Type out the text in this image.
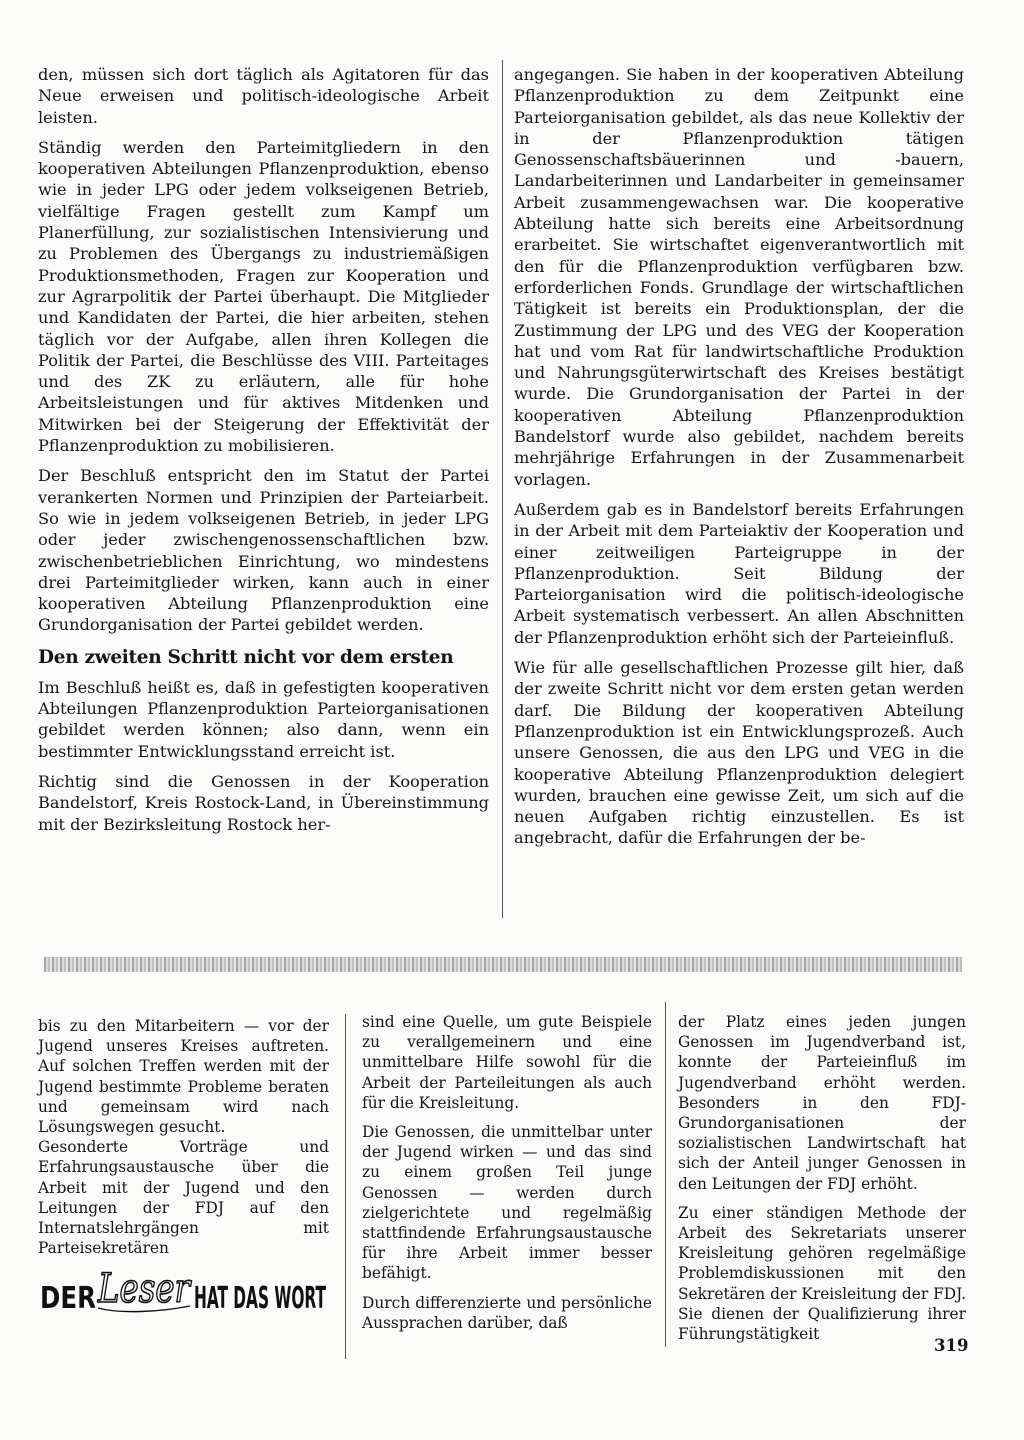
den, müssen sich dort täglich als Agitatoren für das Neue erweisen und politisch-ideologische Arbeit leisten.

Ständig werden den Parteimitgliedern in den kooperativen Abteilungen Pflanzenproduktion, ebenso wie in jeder LPG oder jedem volkseigenen Betrieb, vielfältige Fragen gestellt zum Kampf um Planerfüllung, zur sozialistischen Intensivierung und zu Problemen des Übergangs zu industriemäßigen Produktionsmethoden, Fragen zur Kooperation und zur Agrarpolitik der Partei überhaupt. Die Mitglieder und Kandidaten der Partei, die hier arbeiten, stehen täglich vor der Aufgabe, allen ihren Kollegen die Politik der Partei, die Beschlüsse des VIII. Parteitages und des ZK zu erläutern, alle für hohe Arbeitsleistungen und für aktives Mitdenken und Mitwirken bei der Steigerung der Effektivität der Pflanzenproduktion zu mobilisieren.

Der Beschluß entspricht den im Statut der Partei verankerten Normen und Prinzipien der Parteiarbeit. So wie in jedem volkseigenen Betrieb, in jeder LPG oder jeder zwischengenossenschaftlichen bzw. zwischenbetrieblichen Einrichtung, wo mindestens drei Parteimitglieder wirken, kann auch in einer kooperativen Abteilung Pflanzenproduktion eine Grundorganisation der Partei gebildet werden.

Den zweiten Schritt nicht vor dem ersten

Im Beschluß heißt es, daß in gefestigten kooperativen Abteilungen Pflanzenproduktion Parteiorganisationen gebildet werden können; also dann, wenn ein bestimmter Entwicklungsstand erreicht ist.

Richtig sind die Genossen in der Kooperation Bandelstorf, Kreis Rostock-Land, in Übereinstimmung mit der Bezirksleitung Rostock her-

angegangen. Sie haben in der kooperativen Abteilung Pflanzenproduktion zu dem Zeitpunkt eine Parteiorganisation gebildet, als das neue Kollektiv der in der Pflanzenproduktion tätigen Genossenschaftsbäuerinnen und -bauern, Landarbeiterinnen und Landarbeiter in gemeinsamer Arbeit zusammengewachsen war. Die kooperative Abteilung hatte sich bereits eine Arbeitsordnung erarbeitet. Sie wirtschaftet eigenverantwortlich mit den für die Pflanzenproduktion verfügbaren bzw. erforderlichen Fonds. Grundlage der wirtschaftlichen Tätigkeit ist bereits ein Produktionsplan, der die Zustimmung der LPG und des VEG der Kooperation hat und vom Rat für landwirtschaftliche Produktion und Nahrungsgüterwirtschaft des Kreises bestätigt wurde. Die Grundorganisation der Partei in der kooperativen Abteilung Pflanzenproduktion Bandelstorf wurde also gebildet, nachdem bereits mehrjährige Erfahrungen in der Zusammenarbeit vorlagen.

Außerdem gab es in Bandelstorf bereits Erfahrungen in der Arbeit mit dem Parteiaktiv der Kooperation und einer zeitweiligen Parteigruppe in der Pflanzenproduktion. Seit Bildung der Parteiorganisation wird die politisch-ideologische Arbeit systematisch verbessert. An allen Abschnitten der Pflanzenproduktion erhöht sich der Parteieinfluß.

Wie für alle gesellschaftlichen Prozesse gilt hier, daß der zweite Schritt nicht vor dem ersten getan werden darf. Die Bildung der kooperativen Abteilung Pflanzenproduktion ist ein Entwicklungsprozeß. Auch unsere Genossen, die aus den LPG und VEG in die kooperative Abteilung Pflanzenproduktion delegiert wurden, brauchen eine gewisse Zeit, um sich auf die neuen Aufgaben richtig einzustellen. Es ist angebracht, dafür die Erfahrungen der be-

bis zu den Mitarbeitern — vor der Jugend unseres Kreises auftreten. Auf solchen Treffen werden mit der Jugend bestimmte Probleme beraten und gemeinsam wird nach Lösungswegen gesucht.

Gesonderte Vorträge und Erfahrungsaustausche über die Arbeit mit der Jugend und den Leitungen der FDJ auf den Internatslehrgängen mit Parteisekretären

sind eine Quelle, um gute Beispiele zu verallgemeinern und eine unmittelbare Hilfe sowohl für die Arbeit der Parteileitungen als auch für die Kreisleitung.

Die Genossen, die unmittelbar unter der Jugend wirken — und das sind zu einem großen Teil junge Genossen — werden durch zielgerichtete und regelmäßig stattfindende Erfahrungsaustausche für ihre Arbeit immer besser befähigt.

Durch differenzierte und persönliche Aussprachen darüber, daß

der Platz eines jeden jungen Genossen im Jugendverband ist, konnte der Parteieinfluß im Jugendverband erhöht werden. Besonders in den FDJ-Grundorganisationen der sozialistischen Landwirtschaft hat sich der Anteil junger Genossen in den Leitungen der FDJ erhöht.

Zu einer ständigen Methode der Arbeit des Sekretariats unserer Kreisleitung gehören regelmäßige Problemdiskussionen mit den Sekretären der Kreisleitung der FDJ. Sie dienen der Qualifizierung ihrer Führungstätigkeit

DER Leser HAT DAS WORT
319
